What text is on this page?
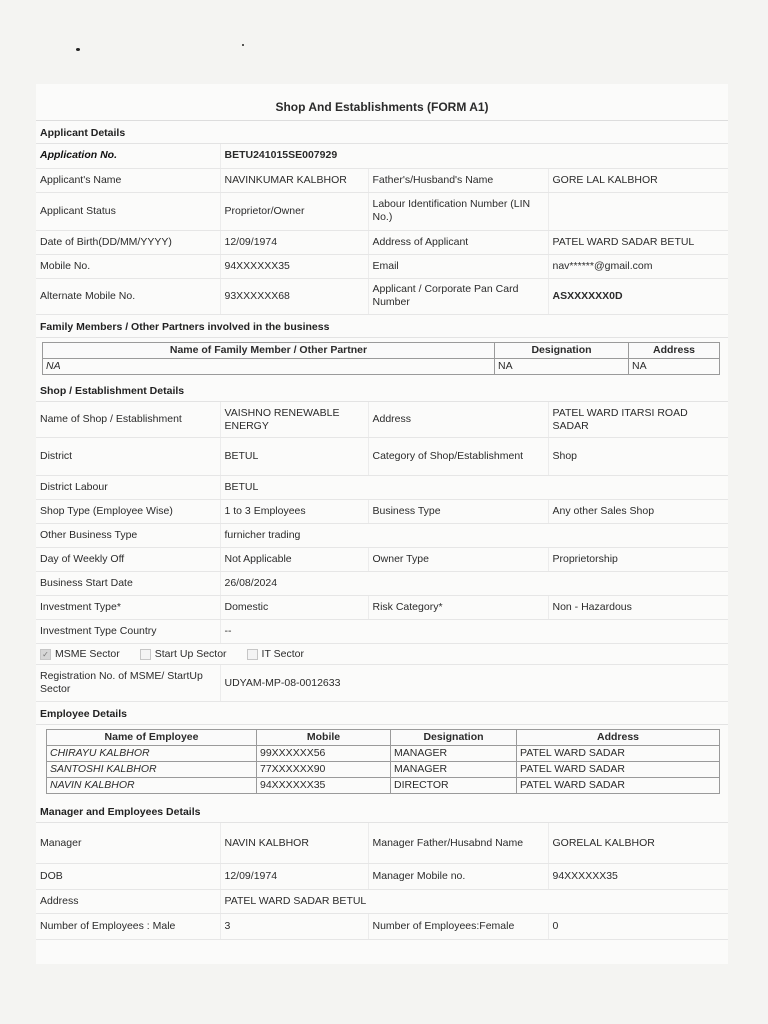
Shop And Establishments (FORM A1)
Applicant Details
Application No.	BETU241015SE007929		
Applicant's Name	NAVINKUMAR KALBHOR	Father's/Husband's Name	GORE LAL KALBHOR
Applicant Status	Proprietor/Owner	Labour Identification Number (LIN No.)	
Date of Birth(DD/MM/YYYY)	12/09/1974	Address of Applicant	PATEL WARD SADAR BETUL
Mobile No.	94XXXXXX35	Email	nav******@gmail.com
Alternate Mobile No.	93XXXXXX68	Applicant / Corporate Pan Card Number	ASXXXXXX0D
Family Members / Other Partners involved in the business
Name of Family Member / Other Partner	Designation	Address
NA	NA	NA
Shop / Establishment Details
Name of Shop / Establishment	VAISHNO RENEWABLE ENERGY	Address	PATEL WARD ITARSI ROAD SADAR
District	BETUL	Category of Shop/Establishment	Shop
District Labour	BETUL		
Shop Type (Employee Wise)	1 to 3 Employees	Business Type	Any other Sales Shop
Other Business Type	furnicher trading		
Day of Weekly Off	Not Applicable	Owner Type	Proprietorship
Business Start Date	26/08/2024		
Investment Type*	Domestic	Risk Category*	Non - Hazardous
Investment Type Country	--		
✓MSME Sector	Start Up Sector	IT Sector
Registration No. of MSME/ StartUp Sector	UDYAM-MP-08-0012633
Employee Details
Name of Employee	Mobile	Designation	Address
CHIRAYU KALBHOR	99XXXXXX56	MANAGER	PATEL WARD SADAR
SANTOSHI KALBHOR	77XXXXXX90	MANAGER	PATEL WARD SADAR
NAVIN KALBHOR	94XXXXXX35	DIRECTOR	PATEL WARD SADAR
Manager and Employees Details
Manager	NAVIN KALBHOR	Manager Father/Husabnd Name	GORELAL KALBHOR
DOB	12/09/1974	Manager Mobile no.	94XXXXXX35
Address	PATEL WARD SADAR BETUL		
Number of Employees : Male	3	Number of Employees:Female	0
